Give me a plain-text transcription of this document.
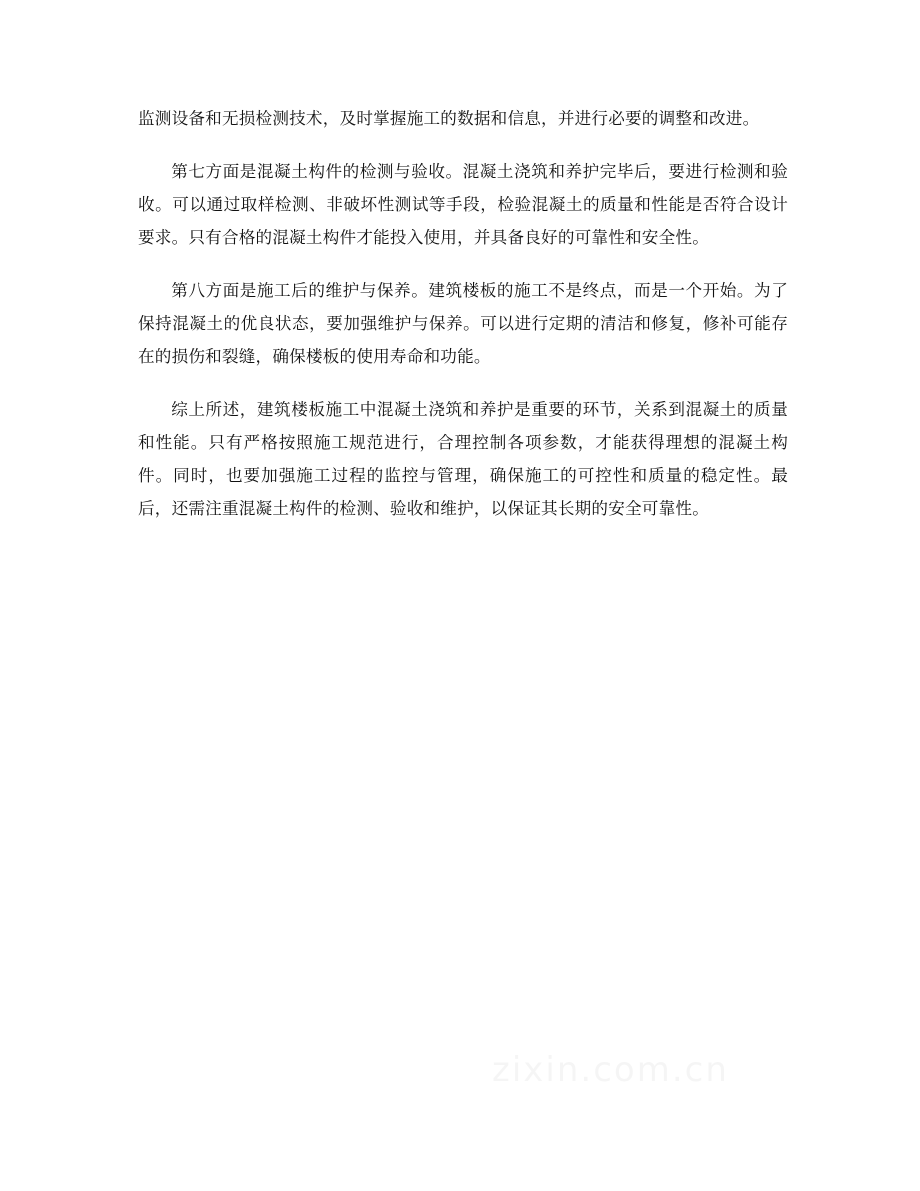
监测设备和无损检测技术，及时掌握施工的数据和信息，并进行必要的调整和改进。

第七方面是混凝土构件的检测与验收。混凝土浇筑和养护完毕后，要进行检测和验收。可以通过取样检测、非破坏性测试等手段，检验混凝土的质量和性能是否符合设计要求。只有合格的混凝土构件才能投入使用，并具备良好的可靠性和安全性。

第八方面是施工后的维护与保养。建筑楼板的施工不是终点，而是一个开始。为了保持混凝土的优良状态，要加强维护与保养。可以进行定期的清洁和修复，修补可能存在的损伤和裂缝，确保楼板的使用寿命和功能。

综上所述，建筑楼板施工中混凝土浇筑和养护是重要的环节，关系到混凝土的质量和性能。只有严格按照施工规范进行，合理控制各项参数，才能获得理想的混凝土构件。同时，也要加强施工过程的监控与管理，确保施工的可控性和质量的稳定性。最后，还需注重混凝土构件的检测、验收和维护，以保证其长期的安全可靠性。
